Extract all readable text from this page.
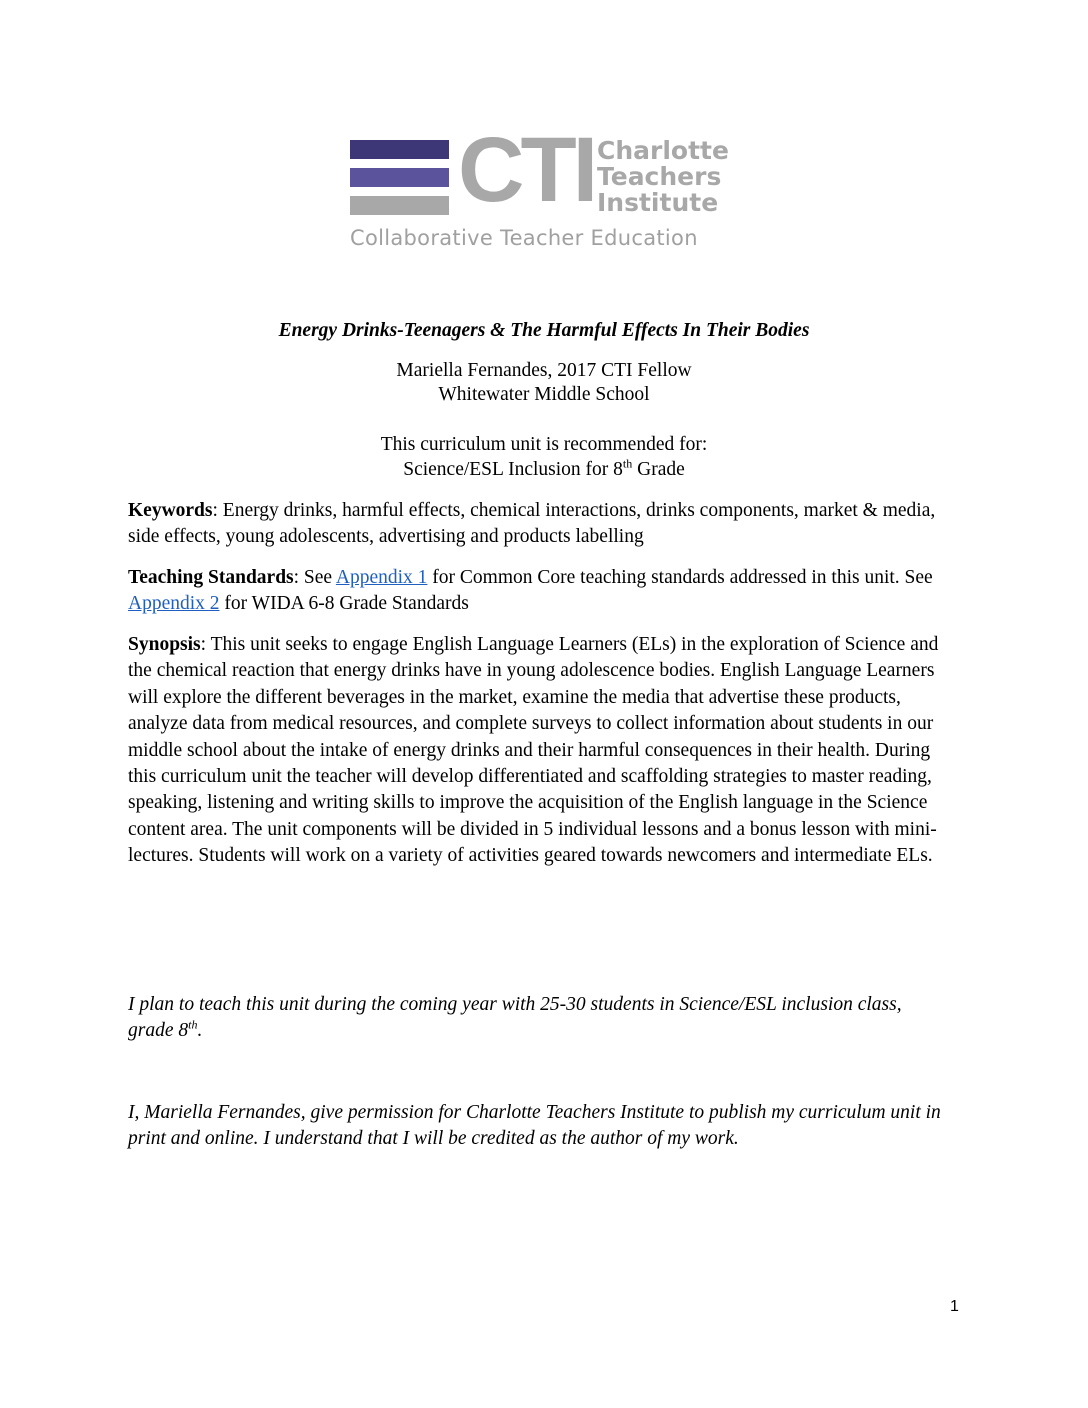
CTI Charlotte
Teachers
Institute
Collaborative Teacher Education
Energy Drinks-Teenagers & The Harmful Effects In Their Bodies
Mariella Fernandes, 2017 CTI Fellow
Whitewater Middle School
This curriculum unit is recommended for:
Science/ESL Inclusion for 8th Grade
Keywords: Energy drinks, harmful effects, chemical interactions, drinks components, market & media, side effects, young adolescents, advertising and products labelling
Teaching Standards: See Appendix 1 for Common Core teaching standards addressed in this unit. See Appendix 2 for WIDA 6-8 Grade Standards
Synopsis: This unit seeks to engage English Language Learners (ELs) in the exploration of Science and the chemical reaction that energy drinks have in young adolescence bodies. English Language Learners will explore the different beverages in the market, examine the media that advertise these products, analyze data from medical resources, and complete surveys to collect information about students in our middle school about the intake of energy drinks and their harmful consequences in their health. During this curriculum unit the teacher will develop differentiated and scaffolding strategies to master reading, speaking, listening and writing skills to improve the acquisition of the English language in the Science content area. The unit components will be divided in 5 individual lessons and a bonus lesson with mini-lectures. Students will work on a variety of activities geared towards newcomers and intermediate ELs.
I plan to teach this unit during the coming year with 25-30 students in Science/ESL inclusion class, grade 8th.
I, Mariella Fernandes, give permission for Charlotte Teachers Institute to publish my curriculum unit in print and online. I understand that I will be credited as the author of my work.
1
